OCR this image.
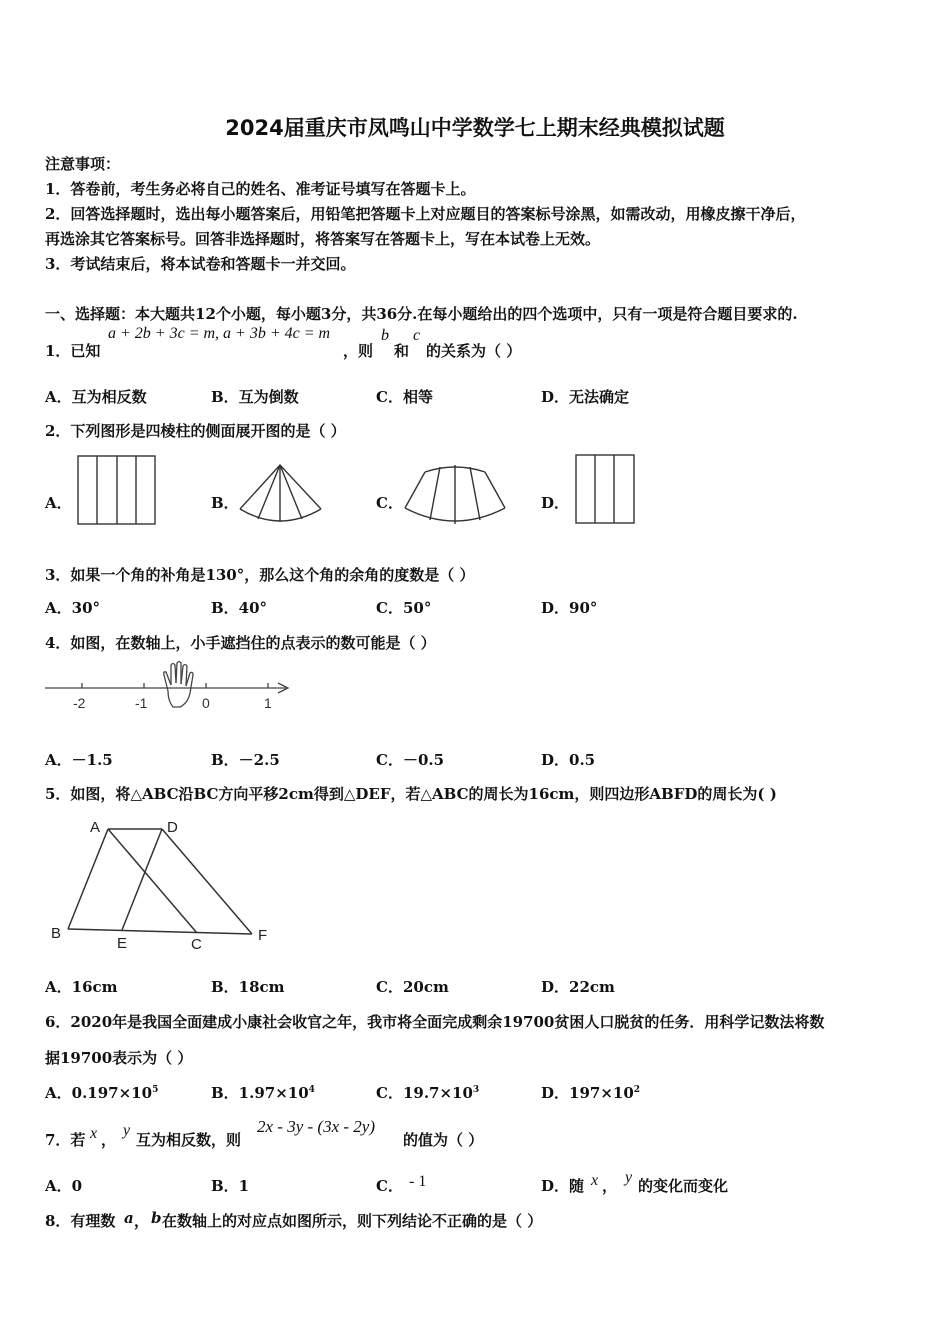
2024届重庆市凤鸣山中学数学七上期末经典模拟试题
注意事项：
1．答卷前，考生务必将自己的姓名、准考证号填写在答题卡上。
2．回答选择题时，选出每小题答案后，用铅笔把答题卡上对应题目的答案标号涂黑，如需改动，用橡皮擦干净后，
再选涂其它答案标号。回答非选择题时，将答案写在答题卡上，写在本试卷上无效。
3．考试结束后，将本试卷和答题卡一并交回。
一、选择题：本大题共12个小题，每小题3分，共36分.在每小题给出的四个选项中，只有一项是符合题目要求的.
1．已知
a + 2b + 3c = m, a + 3b + 4c = m
，则
b
和
c
的关系为（ ）
A．互为相反数	B．互为倒数	C．相等	D．无法确定
2．下列图形是四棱柱的侧面展开图的是（ ）
A．	B．	C．	D．
3．如果一个角的补角是130°，那么这个角的余角的度数是（ ）
A．30°	B．40°	C．50°	D．90°
4．如图，在数轴上，小手遮挡住的点表示的数可能是（ ）
-2	-1	0	1
A．－1.5	B．－2.5	C．－0.5	D．0.5
5．如图，将△ABC沿BC方向平移2cm得到△DEF，若△ABC的周长为16cm，则四边形ABFD的周长为( )
A	D
B
E	C
F
A．16cm	B．18cm	C．20cm	D．22cm
6．2020年是我国全面建成小康社会收官之年，我市将全面完成剩余19700贫困人口脱贫的任务．用科学记数法将数
据19700表示为（ ）
A．$0.197\times 10^5$	B．$1.97\times 10^4$	C．$19.7\times 10^3$	D．$197\times 10^2$
7．若 x ，
y
互为相反数，则
2x - 3y - (3x - 2y)
的值为（ ）
A．0	B．1	C． - 1	D．随 x ， y 的变化而变化
8．有理数 a ， b 在数轴上的对应点如图所示，则下列结论不正确的是（ ）
